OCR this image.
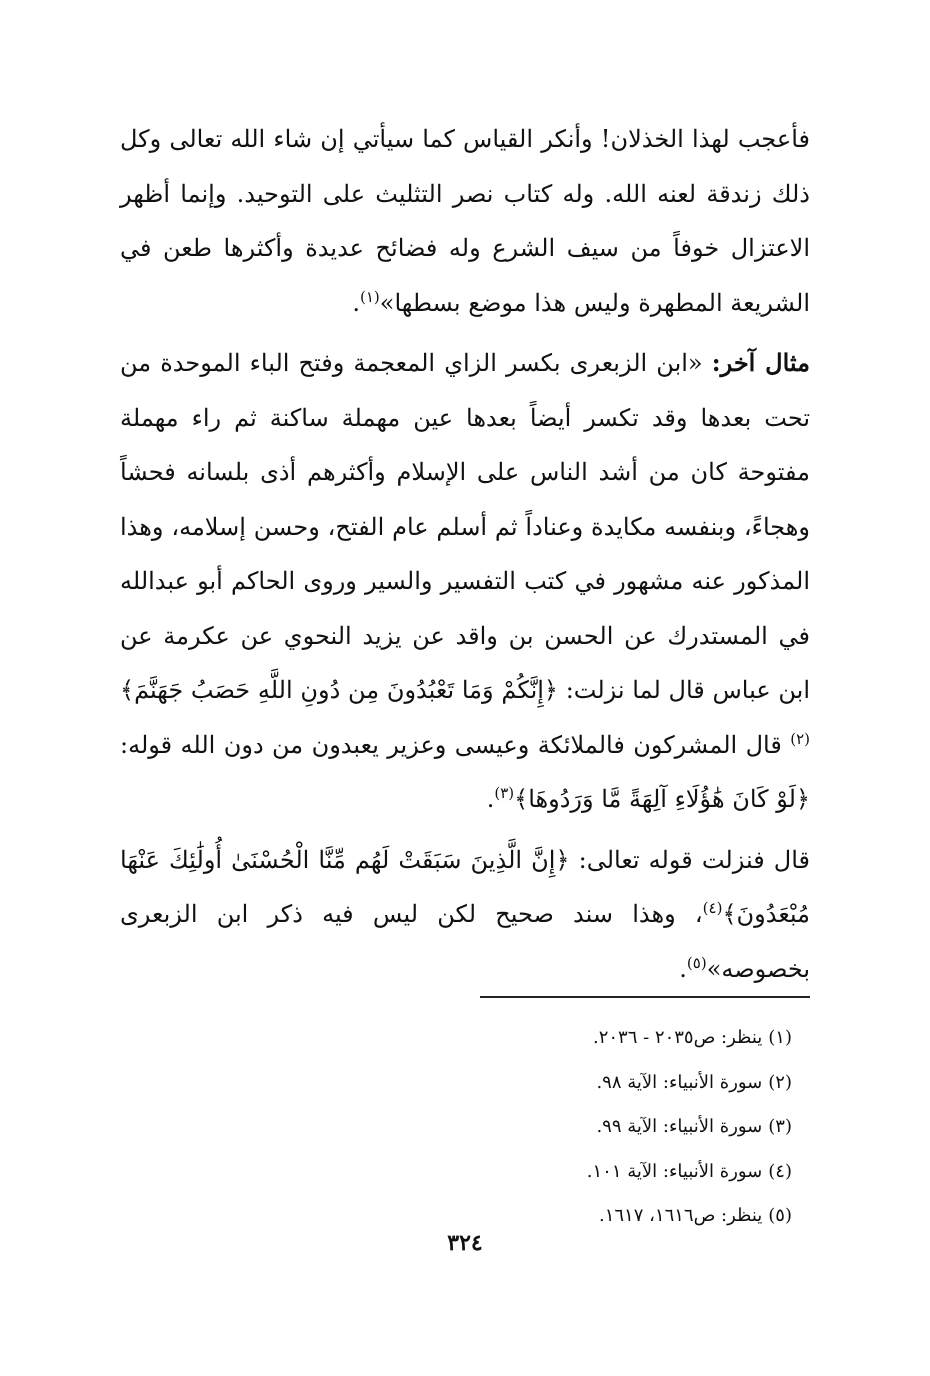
فأعجب لهذا الخذلان! وأنكر القياس كما سيأتي إن شاء الله تعالى وكل ذلك زندقة لعنه الله. وله كتاب نصر التثليث على التوحيد. وإنما أظهر الاعتزال خوفاً من سيف الشرع وله فضائح عديدة وأكثرها طعن في الشريعة المطهرة وليس هذا موضع بسطها»$^{(١)}$.

مثال آخر: «ابن الزبعرى بكسر الزاي المعجمة وفتح الباء الموحدة من تحت بعدها وقد تكسر أيضاً بعدها عين مهملة ساكنة ثم راء مهملة مفتوحة كان من أشد الناس على الإسلام وأكثرهم أذى بلسانه فحشاً وهجاءً، وبنفسه مكايدة وعناداً ثم أسلم عام الفتح، وحسن إسلامه، وهذا المذكور عنه مشهور في كتب التفسير والسير وروى الحاكم أبو عبدالله في المستدرك عن الحسن بن واقد عن يزيد النحوي عن عكرمة عن ابن عباس قال لما نزلت: ﴿إِنَّكُمْ وَمَا تَعْبُدُونَ مِن دُونِ اللَّهِ حَصَبُ جَهَنَّمَ﴾$^{(٢)}$ قال المشركون فالملائكة وعيسى وعزير يعبدون من دون الله قوله: ﴿لَوْ كَانَ هَٰؤُلَاءِ آلِهَةً مَّا وَرَدُوهَا﴾$^{(٣)}$.

قال فنزلت قوله تعالى: ﴿إِنَّ الَّذِينَ سَبَقَتْ لَهُم مِّنَّا الْحُسْنَىٰ أُولَٰئِكَ عَنْهَا مُبْعَدُونَ﴾$^{(٤)}$، وهذا سند صحيح لكن ليس فيه ذكر ابن الزبعرى بخصوصه»$^{(٥)}$.

(١)ينظر: ص٢٠٣٥ - ٢٠٣٦.
(٢)سورة الأنبياء: الآية ٩٨.
(٣)سورة الأنبياء: الآية ٩٩.
(٤)سورة الأنبياء: الآية ١٠١.
(٥)ينظر: ص١٦١٦، ١٦١٧.
٣٢٤
